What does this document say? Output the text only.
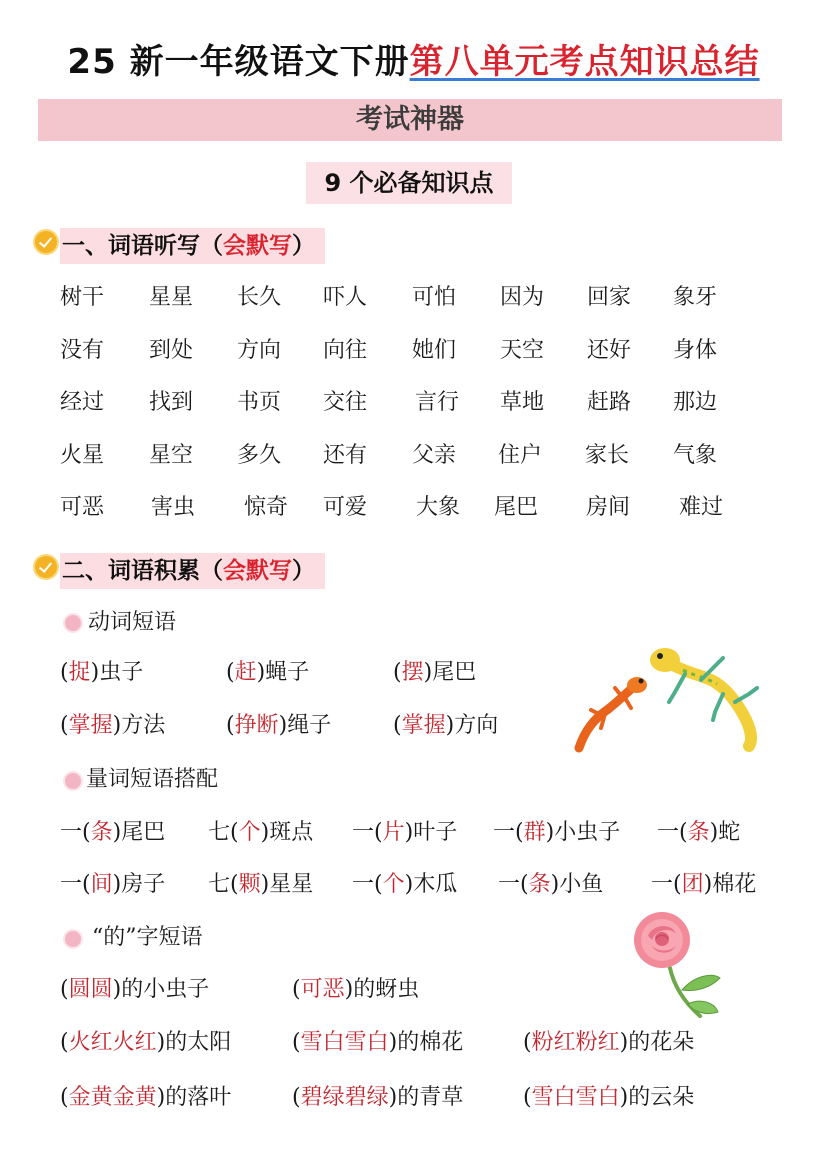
25 新一年级语文下册第八单元考点知识总结
考试神器
9 个必备知识点
一、词语听写（会默写）
树干 星星 长久 吓人 可怕 因为 回家 象牙
没有 到处 方向 向往 她们 天空 还好 身体
经过 找到 书页 交往 言行 草地 赶路 那边
火星 星空 多久 还有 父亲 住户 家长 气象
可恶 害虫 惊奇 可爱 大象 尾巴 房间 难过
二、词语积累（会默写）
动词短语
(捉)虫子	(赶)蝇子	(摆)尾巴
(掌握)方法	(挣断)绳子	(掌握)方向
量词短语搭配
一(条)尾巴 七(个)斑点 一(片)叶子 一(群)小虫子 一(条)蛇
一(间)房子 七(颗)星星 一(个)木瓜 一(条)小鱼 一(团)棉花
“的”字短语
(圆圆)的小虫子	(可恶)的蚜虫
(火红火红)的太阳	(雪白雪白)的棉花	(粉红粉红)的花朵
(金黄金黄)的落叶	(碧绿碧绿)的青草	(雪白雪白)的云朵
